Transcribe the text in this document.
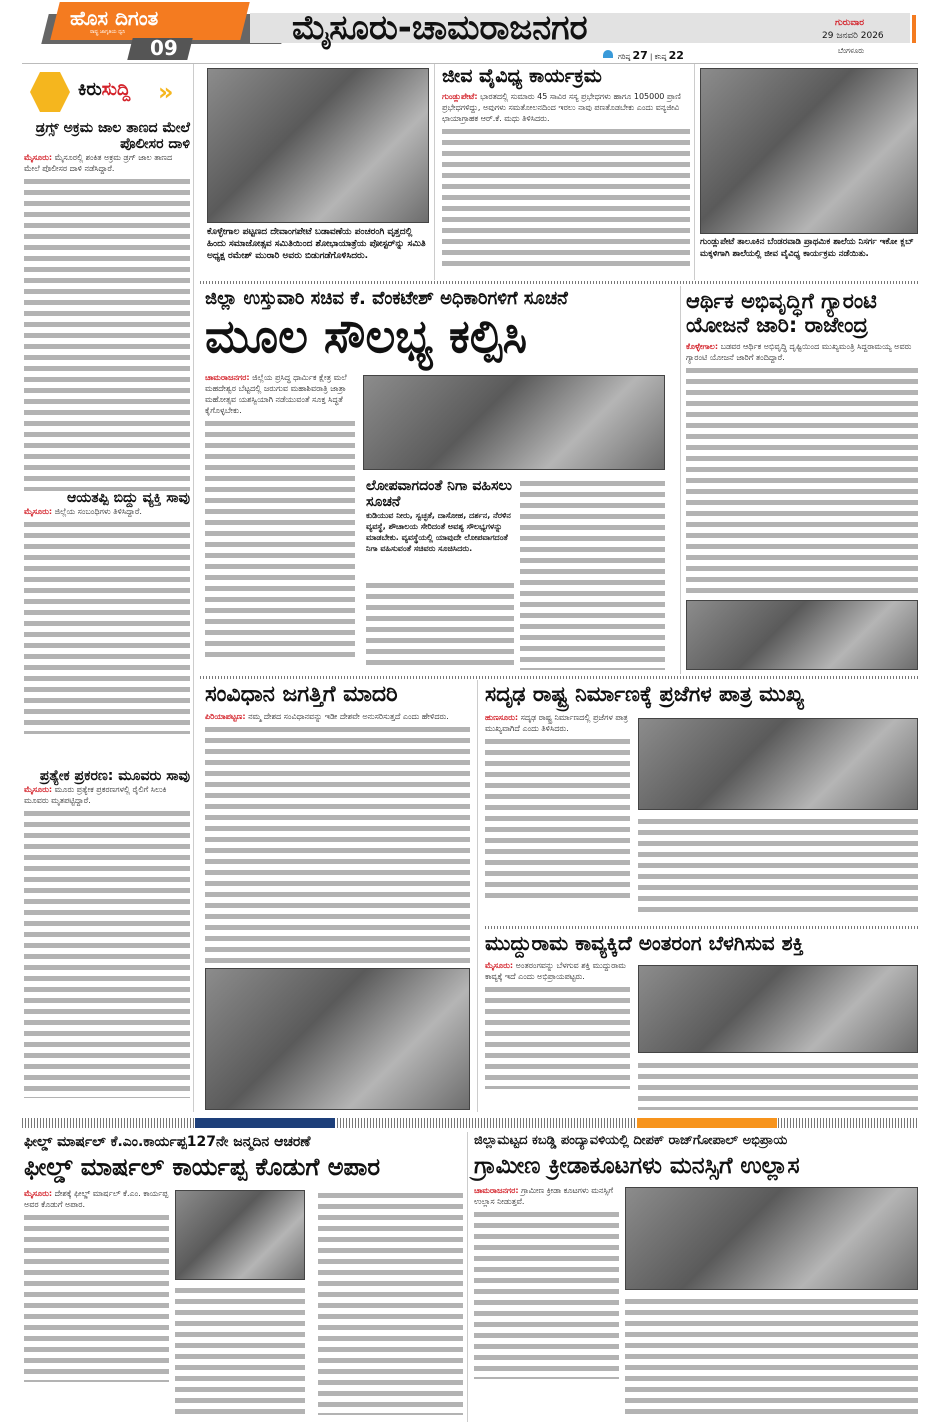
ಹೊಸ ದಿಗಂತ
ರಾಷ್ಟ್ರ ಜಾಗೃತಿಯ ಧ್ವನಿ
09	ಮೈಸೂರು-ಚಾಮರಾಜನಗರ
ಗರಿಷ್ಠ 27 | ಕನಿಷ್ಠ 22
ಗುರುವಾರ
29 ಜನವರಿ 2026
ಬೆಂಗಳೂರು
ಕಿರುಸುದ್ದಿ »
ಡ್ರಗ್ಸ್ ಅಕ್ರಮ ಜಾಲ ತಾಣದ ಮೇಲೆ ಪೊಲೀಸರ ದಾಳಿ
ಮೈಸೂರು: ಮೈಸೂರಲ್ಲಿ ಶಂಕಿತ ಅಕ್ರಮ ಡ್ರಗ್ ಜಾಲ ತಾಣದ ಮೇಲೆ ಪೊಲೀಸರ ದಾಳಿ ನಡೆಸಿದ್ದಾರೆ.
ಆಯತಪ್ಪಿ ಬಿದ್ದು ವ್ಯಕ್ತಿ ಸಾವು
ಮೈಸೂರು: ಜಿಲ್ಲೆಯ ಸಂಬಂಧಿಗಳು ತಿಳಿಸಿದ್ದಾರೆ.
ಪ್ರತ್ಯೇಕ ಪ್ರಕರಣ: ಮೂವರು ಸಾವು
ಮೈಸೂರು: ಮೂರು ಪ್ರತ್ಯೇಕ ಪ್ರಕರಣಗಳಲ್ಲಿ ರೈಲಿಗೆ ಸಿಲುಕಿ ಮೂವರು ಮೃತಪಟ್ಟಿದ್ದಾರೆ.
ಕೊಳ್ಳೇಗಾಲ ಪಟ್ಟಣದ ದೇವಾಂಗಪೇಟೆ ಬಡಾವಣೆಯ ಪಂಚರಂಗಿ ವೃತ್ತದಲ್ಲಿ ಹಿಂದು ಸಮಾಜೋತ್ಸವ ಸಮಿತಿಯಿಂದ ಶೋಭಾಯಾತ್ರೆಯ ಪೋಸ್ಟರ್‌ನ್ನು ಸಮಿತಿ ಅಧ್ಯಕ್ಷ ರಮೇಶ್ ಮುರಾರಿ ಅವರು ಬಿಡುಗಡೆಗೊಳಿಸಿದರು.
ಜೀವ ವೈವಿಧ್ಯ ಕಾರ್ಯಕ್ರಮ
ಗುಂಡ್ಲುಪೇಟೆ: ಭಾರತದಲ್ಲಿ ಸುಮಾರು 45 ಸಾವಿರ ಸಸ್ಯ ಪ್ರಭೇಧಗಳು ಹಾಗೂ 105000 ಪ್ರಾಣಿ ಪ್ರಭೇಧಗಳಿದ್ದು, ಅವುಗಳು ಸಮತೋಲನದಿಂದ ಇರಲು ನಾವು ಪಣತೊಡಬೇಕು ಎಂದು ವನ್ಯಜೀವಿ ಛಾಯಾಗ್ರಾಹಕ ಆರ್.ಕೆ. ಮಧು ತಿಳಿಸಿದರು.
ಗುಂಡ್ಲುಪೇಟೆ ತಾಲೂಕಿನ ಬೆಂಡರವಾಡಿ ಪ್ರಾಥಮಿಕ ಶಾಲೆಯ ನಿಸರ್ಗ ಇಕೋ ಕ್ಲಬ್ ಮಕ್ಕಳಿಗಾಗಿ ಶಾಲೆಯಲ್ಲಿ ಜೀವ ವೈವಿಧ್ಯ ಕಾರ್ಯಕ್ರಮ ನಡೆಯಿತು.
ಜಿಲ್ಲಾ ಉಸ್ತುವಾರಿ ಸಚಿವ ಕೆ. ವೆಂಕಟೇಶ್ ಅಧಿಕಾರಿಗಳಿಗೆ ಸೂಚನೆ
ಮೂಲ ಸೌಲಭ್ಯ ಕಲ್ಪಿಸಿ
ಚಾಮರಾಜನಗರ: ಜಿಲ್ಲೆಯ ಪ್ರಸಿದ್ಧ ಧಾರ್ಮಿಕ ಕ್ಷೇತ್ರ ಮಲೆ ಮಹದೇಶ್ವರ ಬೆಟ್ಟದಲ್ಲಿ ಜರುಗುವ ಮಹಾಶಿವರಾತ್ರಿ ಜಾತ್ರಾ ಮಹೋತ್ಸವ ಯಶಸ್ವಿಯಾಗಿ ನಡೆಯುವಂತೆ ಸೂಕ್ತ ಸಿದ್ಧತೆ ಕೈಗೊಳ್ಳಬೇಕು.
ಲೋಪವಾಗದಂತೆ ನಿಗಾ ವಹಿಸಲು ಸೂಚನೆ
ಕುಡಿಯುವ ನೀರು, ಸ್ವಚ್ಛತೆ, ದಾಸೋಹ, ದರ್ಶನ, ನೆರಳಿನ ವ್ಯವಸ್ಥೆ, ಶೌಚಾಲಯ ಸೇರಿದಂತೆ ಅವಶ್ಯ ಸೌಲಭ್ಯಗಳನ್ನು ಮಾಡಬೇಕು. ವ್ಯವಸ್ಥೆಯಲ್ಲಿ ಯಾವುದೇ ಲೋಪವಾಗದಂತೆ ನಿಗಾ ವಹಿಸುವಂತೆ ಸಚಿವರು ಸೂಚಿಸಿದರು.
ಆರ್ಥಿಕ ಅಭಿವೃದ್ಧಿಗೆ ಗ್ಯಾರಂಟಿ ಯೋಜನೆ ಜಾರಿ: ರಾಜೇಂದ್ರ
ಕೊಳ್ಳೇಗಾಲ: ಬಡವರ ಆರ್ಥಿಕ ಅಭಿವೃದ್ಧಿ ದೃಷ್ಟಿಯಿಂದ ಮುಖ್ಯಮಂತ್ರಿ ಸಿದ್ದರಾಮಯ್ಯ ಅವರು ಗ್ಯಾರಂಟಿ ಯೋಜನೆ ಜಾರಿಗೆ ತಂದಿದ್ದಾರೆ.
ಸಂವಿಧಾನ ಜಗತ್ತಿಗೆ ಮಾದರಿ
ಪಿರಿಯಾಪಟ್ಟಣ: ನಮ್ಮ ದೇಶದ ಸಂವಿಧಾನವನ್ನು ಇಡೀ ದೇಶವೇ ಅನುಸರಿಸುತ್ತದೆ ಎಂದು ಹೇಳಿದರು.
ಸದೃಢ ರಾಷ್ಟ್ರ ನಿರ್ಮಾಣಕ್ಕೆ ಪ್ರಜೆಗಳ ಪಾತ್ರ ಮುಖ್ಯ
ಹುಣಸೂರು: ಸದೃಢ ರಾಷ್ಟ್ರ ನಿರ್ಮಾಣದಲ್ಲಿ ಪ್ರಜೆಗಳ ಪಾತ್ರ ಮುಖ್ಯವಾಗಿದೆ ಎಂದು ತಿಳಿಸಿದರು.
ಮುದ್ದುರಾಮ ಕಾವ್ಯಕ್ಕಿದೆ ಅಂತರಂಗ ಬೆಳಗಿಸುವ ಶಕ್ತಿ
ಮೈಸೂರು: ಅಂತರಂಗವನ್ನು ಬೆಳಗುವ ಶಕ್ತಿ ಮುದ್ದುರಾಮ ಕಾವ್ಯಕ್ಕೆ ಇದೆ ಎಂದು ಅಭಿಪ್ರಾಯಪಟ್ಟರು.
ಫೀಲ್ಡ್ ಮಾರ್ಷಲ್ ಕೆ.ಎಂ.ಕಾರ್ಯಪ್ಪ127ನೇ ಜನ್ಮದಿನ ಆಚರಣೆ
ಫೀಲ್ಡ್ ಮಾರ್ಷಲ್ ಕಾರ್ಯಪ್ಪ ಕೊಡುಗೆ ಅಪಾರ
ಮೈಸೂರು: ದೇಶಕ್ಕೆ ಫೀಲ್ಡ್ ಮಾರ್ಷಲ್ ಕೆ.ಎಂ. ಕಾರ್ಯಪ್ಪ ಅವರ ಕೊಡುಗೆ ಅಪಾರ.
ಜಿಲ್ಲಾಮಟ್ಟದ ಕಬಡ್ಡಿ ಪಂದ್ಯಾವಳಿಯಲ್ಲಿ ದೀಪಕ್ ರಾಜ್‌ಗೋಪಾಲ್ ಅಭಿಪ್ರಾಯ
ಗ್ರಾಮೀಣ ಕ್ರೀಡಾಕೂಟಗಳು ಮನಸ್ಸಿಗೆ ಉಲ್ಲಾಸ
ಚಾಮರಾಜನಗರ: ಗ್ರಾಮೀಣ ಕ್ರೀಡಾ ಕೂಟಗಳು ಮನಸ್ಸಿಗೆ ಉಲ್ಲಾಸ ನೀಡುತ್ತವೆ.
